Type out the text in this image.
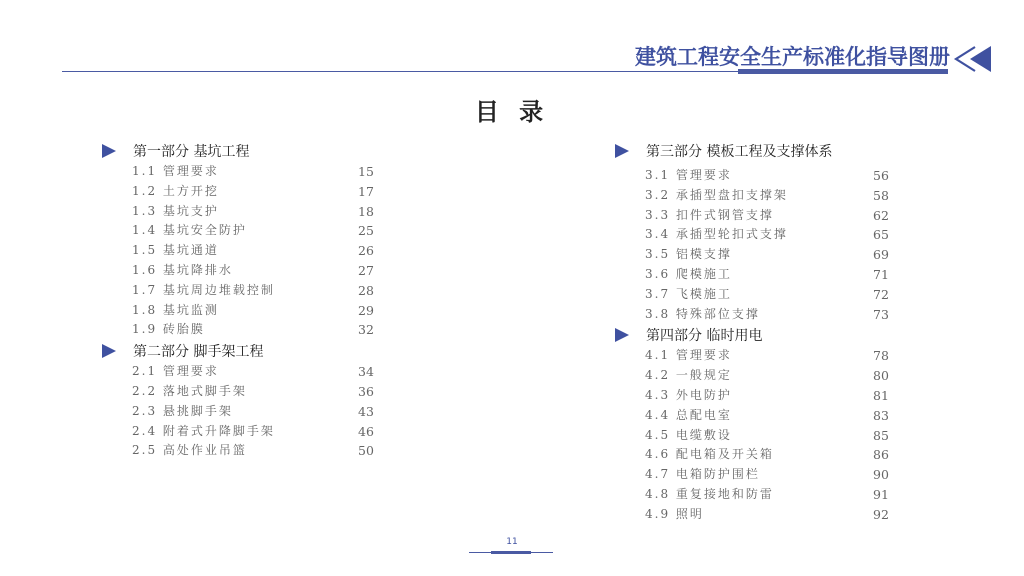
建筑工程安全生产标准化指导图册
目 录
第一部分 基坑工程
1.1 管理要求	15
1.2 土方开挖	17
1.3 基坑支护	18
1.4 基坑安全防护	25
1.5 基坑通道	26
1.6 基坑降排水	27
1.7 基坑周边堆载控制	28
1.8 基坑监测	29
1.9 砖胎膜	32
第二部分 脚手架工程
2.1 管理要求	34
2.2 落地式脚手架	36
2.3 悬挑脚手架	43
2.4 附着式升降脚手架	46
2.5 高处作业吊篮	50
第三部分 模板工程及支撑体系
3.1 管理要求	56
3.2 承插型盘扣支撑架	58
3.3 扣件式钢管支撑	62
3.4 承插型轮扣式支撑	65
3.5 铝模支撑	69
3.6 爬模施工	71
3.7 飞模施工	72
3.8 特殊部位支撑	73
第四部分 临时用电
4.1 管理要求	78
4.2 一般规定	80
4.3 外电防护	81
4.4 总配电室	83
4.5 电缆敷设	85
4.6 配电箱及开关箱	86
4.7 电箱防护围栏	90
4.8 重复接地和防雷	91
4.9 照明	92
11
